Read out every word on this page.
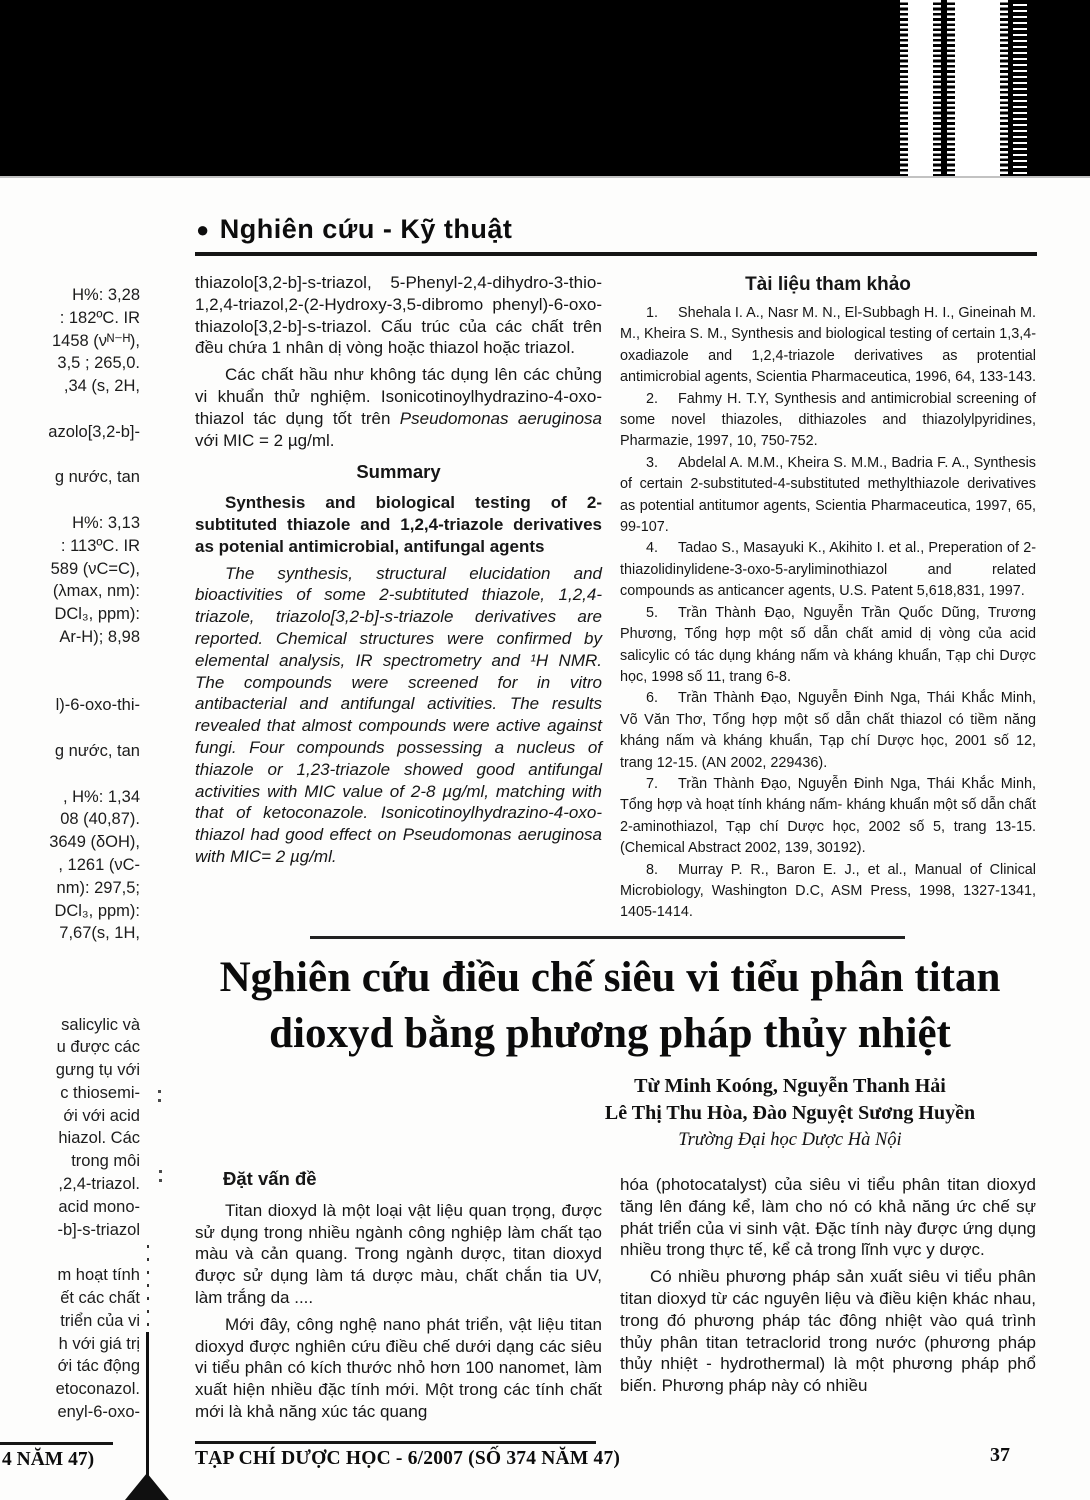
● Nghiên cứu - Kỹ thuật
H%: 3,28
: 182ºC. IR
1458 (νᴺ⁻ᴴ),
3,5 ; 265,0.
,34 (s, 2H,
azolo[3,2-b]-
g nước, tan
H%: 3,13
: 113ºC. IR
589 (νC=C),
(λmax, nm):
DCl₃, ppm):
Ar-H); 8,98
l)-6-oxo-thi-
g nước, tan
, H%: 1,34
08 (40,87).
3649 (δOH),
, 1261 (νC-
nm): 297,5;
DCl₃, ppm):
7,67(s, 1H,
salicylic và
u được các
gưng tụ với
c thiosemi-
ới với acid
hiazol. Các
trong môi
,2,4-triazol.
acid mono-
-b]-s-triazol
m hoạt tính
ết các chất
triển của vi
h với giá trị
ới tác động
etoconazol.
enyl-6-oxo-

thiazolo[3,2-b]-s-triazol, 5-Phenyl-2,4-dihydro-3-thio-1,2,4-triazol,2-(2-Hydroxy-3,5-dibromo phenyl)-6-oxo-thiazolo[3,2-b]-s-triazol. Cấu trúc của các chất trên đều chứa 1 nhân dị vòng hoặc thiazol hoặc triazol.

Các chất hầu như không tác dụng lên các chủng vi khuẩn thử nghiệm. Isonicotinoylhydrazino-4-oxo-thiazol tác dụng tốt trên Pseudomonas aeruginosa với MIC = 2 µg/ml.

Summary

Synthesis and biological testing of 2-subtituted thiazole and 1,2,4-triazole derivatives as potenial antimicrobial, antifungal agents

The synthesis, structural elucidation and bioactivities of some 2-subtituted thiazole, 1,2,4-triazole, triazolo[3,2-b]-s-triazole derivatives are reported. Chemical structures were confirmed by elemental analysis, IR spectrometry and ¹H NMR. The compounds were screened for in vitro antibacterial and antifungal activities. The results revealed that almost compounds were active against fungi. Four compounds possessing a nucleus of thiazole or 1,23-triazole showed good antifungal activities with MIC value of 2-8 µg/ml, matching with that of ketoconazole. Isonicotinoylhydrazino-4-oxo-thiazol had good effect on Pseudomonas aeruginosa with MIC= 2 µg/ml.

Tài liệu tham khảo

1. Shehala I. A., Nasr M. N., El-Subbagh H. I., Gineinah M. M., Kheira S. M., Synthesis and biological testing of certain 1,3,4-oxadiazole and 1,2,4-triazole derivatives as protential antimicrobial agents, Scientia Pharmaceutica, 1996, 64, 133-143.

2. Fahmy H. T.Y, Synthesis and antimicrobial screening of some novel thiazoles, dithiazoles and thiazolylpyridines, Pharmazie, 1997, 10, 750-752.

3. Abdelal A. M.M., Kheira S. M.M., Badria F. A., Synthesis of certain 2-substituted-4-substituted methylthiazole derivatives as potential antitumor agents, Scientia Pharmaceutica, 1997, 65, 99-107.

4. Tadao S., Masayuki K., Akihito I. et al., Preperation of 2-thiazolidinylidene-3-oxo-5-aryliminothiazol and related compounds as anticancer agents, U.S. Patent 5,618,831, 1997.

5. Trần Thành Đạo, Nguyễn Trần Quốc Dũng, Trương Phương, Tổng hợp một số dẫn chất amid dị vòng của acid salicylic có tác dụng kháng nấm và kháng khuẩn, Tạp chi Dược học, 1998 số 11, trang 6-8.

6. Trần Thành Đạo, Nguyễn Đinh Nga, Thái Khắc Minh, Võ Văn Thơ, Tổng hợp một số dẫn chất thiazol có tiềm năng kháng nấm và kháng khuẩn, Tạp chí Dược học, 2001 số 12, trang 12-15. (AN 2002, 229436).

7. Trần Thành Đạo, Nguyễn Đinh Nga, Thái Khắc Minh, Tổng hợp và hoạt tính kháng nấm- kháng khuẩn một số dẫn chất 2-aminothiazol, Tạp chí Dược học, 2002 số 5, trang 13-15. (Chemical Abstract 2002, 139, 30192).

8. Murray P. R., Baron E. J., et al., Manual of Clinical Microbiology, Washington D.C, ASM Press, 1998, 1327-1341, 1405-1414.

Nghiên cứu điều chế siêu vi tiểu phân titan
dioxyd bằng phương pháp thủy nhiệt
Từ Minh Koóng, Nguyễn Thanh Hải
Lê Thị Thu Hòa, Đào Nguyệt Sương Huyền
Trường Đại học Dược Hà Nội
Đặt vấn đề

Titan dioxyd là một loại vật liệu quan trọng, được sử dụng trong nhiều ngành công nghiệp làm chất tạo màu và cản quang. Trong ngành dược, titan dioxyd được sử dụng làm tá dược màu, chất chắn tia UV, làm trắng da ....

Mới đây, công nghệ nano phát triển, vật liệu titan dioxyd được nghiên cứu điều chế dưới dạng các siêu vi tiểu phân có kích thước nhỏ hơn 100 nanomet, làm xuất hiện nhiều đặc tính mới. Một trong các tính chất mới là khả năng xúc tác quang

hóa (photocatalyst) của siêu vi tiểu phân titan dioxyd tăng lên đáng kể, làm cho nó có khả năng ức chế sự phát triển của vi sinh vật. Đặc tính này được ứng dụng nhiều trong thực tế, kể cả trong lĩnh vực y dược.

Có nhiều phương pháp sản xuất siêu vi tiểu phân titan dioxyd từ các nguyên liệu và điều kiện khác nhau, trong đó phương pháp tác đông nhiệt vào quá trình thủy phân titan tetraclorid trong nước (phương pháp thủy nhiệt - hydrothermal) là một phương pháp phổ biến. Phương pháp này có nhiều

TẠP CHÍ DƯỢC HỌC - 6/2007 (SỐ 374 NĂM 47)	37
4 NĂM 47)
